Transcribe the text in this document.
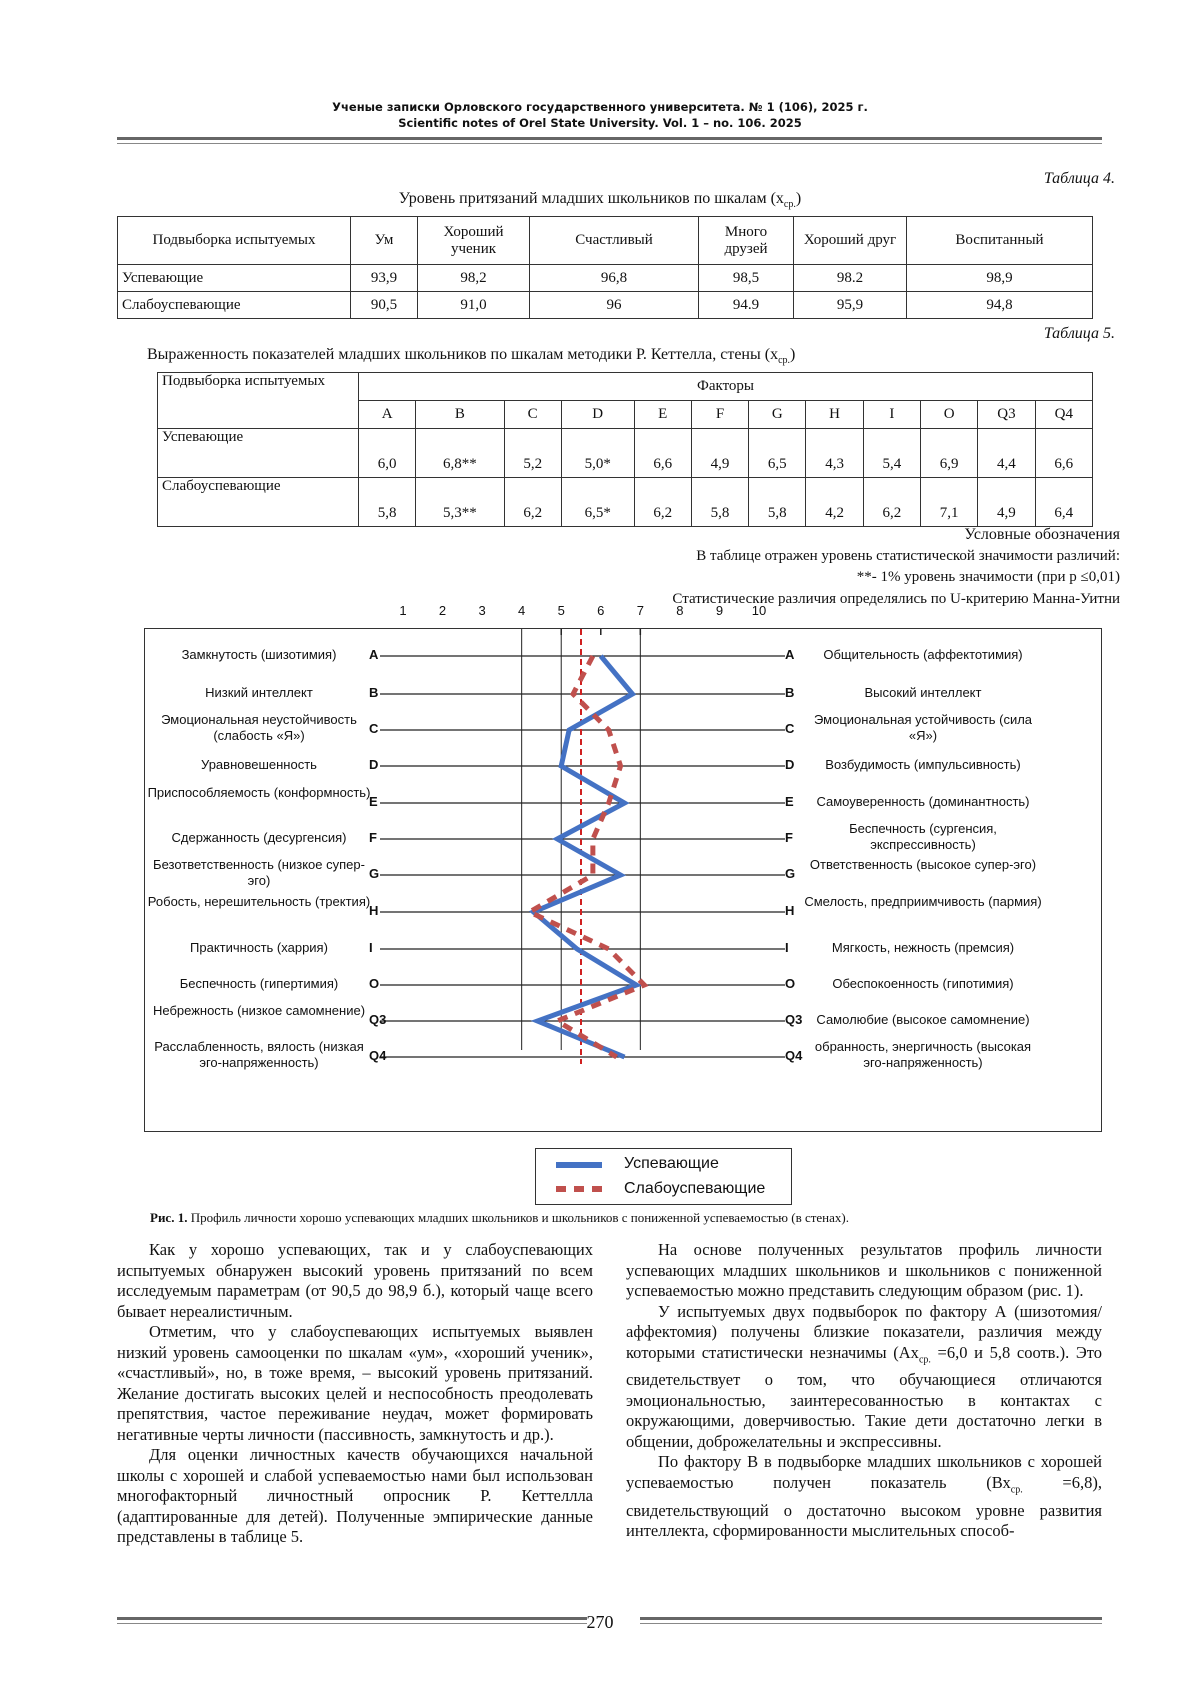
Ученые записки Орловского государственного университета. № 1 (106), 2025 г.
Scientific notes of Orel State University. Vol. 1 – no. 106. 2025
Таблица 4.
Уровень притязаний младших школьников по шкалам $(x_{ср.})$
Подвыборка испытуемых	Ум	Хороший ученик	Счастливый	Много друзей	Хороший друг	Воспитанный
Успевающие	93,9	98,2	96,8	98,5	98.2	98,9
Слабоуспевающие	90,5	91,0	96	94.9	95,9	94,8
Таблица 5.
Выраженность показателей младших школьников по шкалам методики Р. Кеттелла, стены $(x_{ср.})$
Подвыборка испытуемых	Факторы											
	A	B	C	D	E	F	G	H	I	O	Q3	Q4
Успевающие	6,0	6,8**	5,2	5,0*	6,6	4,9	6,5	4,3	5,4	6,9	4,4	6,6
Слабоуспевающие	5,8	5,3**	6,2	6,5*	6,2	5,8	5,8	4,2	6,2	7,1	4,9	6,4
Условные обозначения
В таблице отражен уровень статистической значимости различий:
**- 1% уровень значимости (при p ≤0,01)
Статистические различия определялись по U-критерию Манна-Уитни
1	2	3	4	5	6	7	8	9	10
A	A
Замкнутость (шизотимия)	Общительность (аффектотимия)
B	B
Низкий интеллект	Высокий интеллект
C	C
Эмоциональная неустойчивость (слабость «Я»)
Эмоциональная устойчивость (сила «Я»)
D	D
Уравновешенность	Возбудимость (импульсивность)
E	E
Приспособляемость (конформность)
Самоуверенность (доминантность)
F	F
Сдержанность (десургенсия)
Беспечность (сургенсия, экспрессивность)
G	G
Безответственность (низкое супер-эго)
Ответственность (высокое супер-эго)
H	H
Робость, нерешительность (тректия)	Смелость, предприимчивость (пармия)
I	I
Практичность (харрия)	Мягкость, нежность (премсия)
O	O
Беспечность (гипертимия)	Обеспокоенность (гипотимия)
Q3	Q3
Небрежность (низкое самомнение)
Самолюбие (высокое самомнение)
Q4	Q4
Расслабленность, вялость (низкая эго-напряженность)
обранность, энергичность (высокая эго-напряженность)
Успевающие
Слабоуспевающие
Рис. 1. Профиль личности хорошо успевающих младших школьников и школьников с пониженной успеваемостью (в стенах).

Как у хорошо успевающих, так и у слабоуспевающих испытуемых обнаружен высокий уровень притязаний по всем исследуемым параметрам (от 90,5 до 98,9 б.), который чаще всего бывает нереалистичным.

Отметим, что у слабоуспевающих испытуемых выявлен низкий уровень самооценки по шкалам «ум», «хороший ученик», «счастливый», но, в тоже время, – высокий уровень притязаний. Желание достигать высоких целей и неспособность преодолевать препятствия, частое переживание неудач, может формировать негативные черты личности (пассивность, замкнутость и др.).

Для оценки личностных качеств обучающихся начальной школы с хорошей и слабой успеваемостью нами был использован многофакторный личностный опросник Р. Кеттеллла (адаптированные для детей). Полученные эмпирические данные представлены в таблице 5.

На основе полученных результатов профиль личности успевающих младших школьников и школьников с пониженной успеваемостью можно представить следующим образом (рис. 1).

У испытуемых двух подвыборок по фактору А (шизотомия/аффектомия) получены близкие показатели, различия между которыми статистически незначимы ($Ах_{ср.} =6,0$ и 5,8 соотв.). Это свидетельствует о том, что обучающиеся отличаются эмоциональностью, заинтересованностью в контактах с окружающими, доверчивостью. Такие дети достаточно легки в общении, доброжелательны и экспрессивны.

По фактору В в подвыборке младших школьников с хорошей успеваемостью получен показатель $(Вх_{ср.} =6,8)$, свидетельствующий о достаточно высоком уровне развития интеллекта, сформированности мыслительных способ-

270
